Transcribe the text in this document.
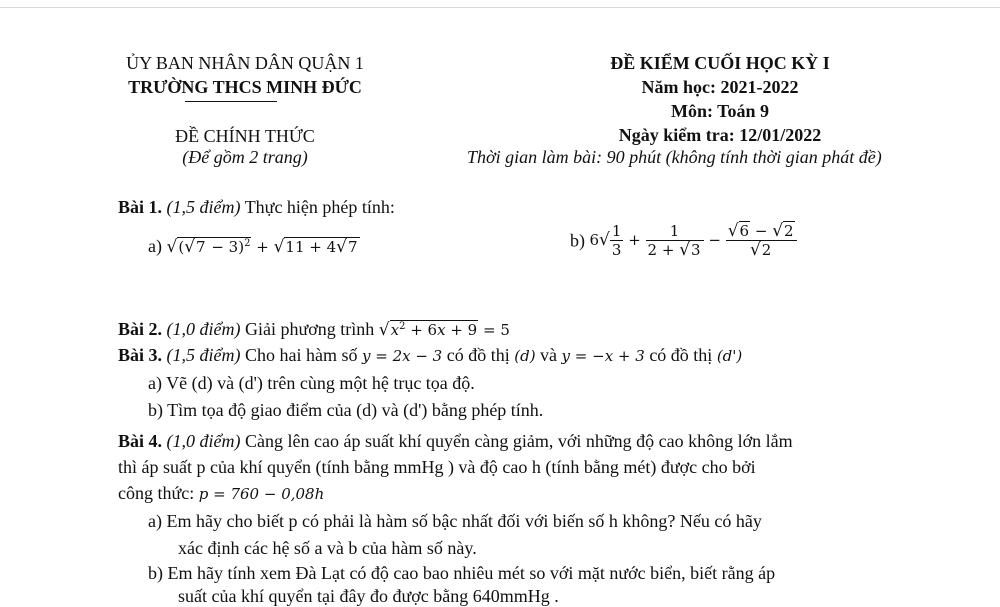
ỦY BAN NHÂN DÂN QUẬN 1
TRƯỜNG THCS MINH ĐỨC
ĐỀ CHÍNH THỨC
(Để gồm 2 trang)
ĐỀ KIỂM CUỐI HỌC KỲ I
Năm học: 2021-2022
Môn: Toán 9
Ngày kiểm tra: 12/01/2022
Thời gian làm bài: 90 phút (không tính thời gian phát đề)
Bài 1. (1,5 điểm) Thực hiện phép tính:
a) $√(√7 - 3)^2 + √11 + 4√7$	b) $6√ \frac{1}{3} + \frac{1}{2 + √3} - \frac{√6 - √2}{√2}$
Bài 2. (1,0 điểm) Giải phương trình $√x^2 + 6x + 9 = 5$
Bài 3. (1,5 điểm) Cho hai hàm số y = 2x − 3 có đồ thị (d) và y = −x + 3 có đồ thị (d')
a) Vẽ (d) và (d') trên cùng một hệ trục tọa độ.
b) Tìm tọa độ giao điểm của (d) và (d') bằng phép tính.
Bài 4. (1,0 điểm) Càng lên cao áp suất khí quyển càng giảm, với những độ cao không lớn lắm
thì áp suất p của khí quyển (tính bằng mmHg ) và độ cao h (tính bằng mét) được cho bởi
công thức: p = 760 − 0,08h
a) Em hãy cho biết p có phải là hàm số bậc nhất đối với biến số h không? Nếu có hãy
xác định các hệ số a và b của hàm số này.
b) Em hãy tính xem Đà Lạt có độ cao bao nhiêu mét so với mặt nước biển, biết rằng áp
suất của khí quyển tại đây đo được bằng 640mmHg .
